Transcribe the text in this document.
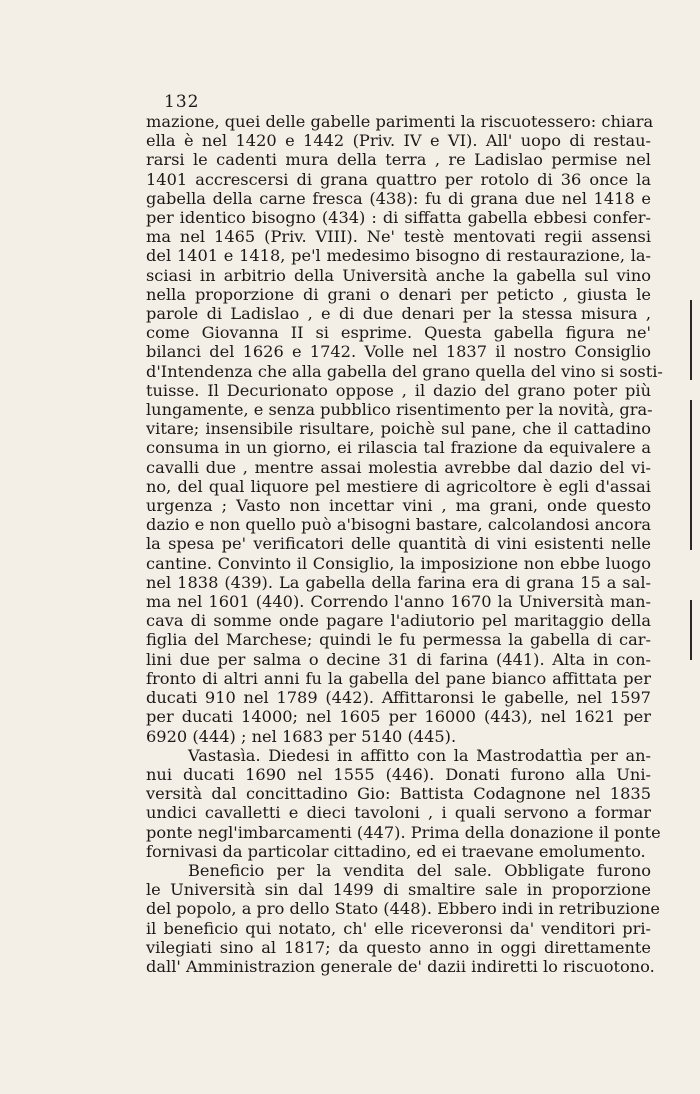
132
mazione, quei delle gabelle parimenti la riscuotessero: chiara
ella è nel 1420 e 1442 (Priv. IV e VI). All' uopo di restau-
rarsi le cadenti mura della terra , re Ladislao permise nel
1401 accrescersi di grana quattro per rotolo di 36 once la
gabella della carne fresca (438): fu di grana due nel 1418 e
per identico bisogno (434) : di siffatta gabella ebbesi confer-
ma nel 1465 (Priv. VIII). Ne' testè mentovati regii assensi
del 1401 e 1418, pe'l medesimo bisogno di restaurazione, la-
sciasi in arbitrio della Università anche la gabella sul vino
nella proporzione di grani o denari per peticto , giusta le
parole di Ladislao , e di due denari per la stessa misura ,
come Giovanna II si esprime. Questa gabella figura ne'
bilanci del 1626 e 1742. Volle nel 1837 il nostro Consiglio
d'Intendenza che alla gabella del grano quella del vino si sosti-
tuisse. Il Decurionato oppose , il dazio del grano poter più
lungamente, e senza pubblico risentimento per la novità, gra-
vitare; insensibile risultare, poichè sul pane, che il cattadino
consuma in un giorno, ei rilascia tal frazione da equivalere a
cavalli due , mentre assai molestia avrebbe dal dazio del vi-
no, del qual liquore pel mestiere di agricoltore è egli d'assai
urgenza ; Vasto non incettar vini , ma grani, onde questo
dazio e non quello può a'bisogni bastare, calcolandosi ancora
la spesa pe' verificatori delle quantità di vini esistenti nelle
cantine. Convinto il Consiglio, la imposizione non ebbe luogo
nel 1838 (439). La gabella della farina era di grana 15 a sal-
ma nel 1601 (440). Correndo l'anno 1670 la Università man-
cava di somme onde pagare l'adiutorio pel maritaggio della
figlia del Marchese; quindi le fu permessa la gabella di car-
lini due per salma o decine 31 di farina (441). Alta in con-
fronto di altri anni fu la gabella del pane bianco affittata per
ducati 910 nel 1789 (442). Affittaronsi le gabelle, nel 1597
per ducati 14000; nel 1605 per 16000 (443), nel 1621 per
6920 (444) ; nel 1683 per 5140 (445).
Vastasìa. Diedesi in affitto con la Mastrodattìa per an-
nui ducati 1690 nel 1555 (446). Donati furono alla Uni-
versità dal concittadino Gio: Battista Codagnone nel 1835
undici cavalletti e dieci tavoloni , i quali servono a formar
ponte negl'imbarcamenti (447). Prima della donazione il ponte
fornivasi da particolar cittadino, ed ei traevane emolumento.
Beneficio per la vendita del sale. Obbligate furono
le Università sin dal 1499 di smaltire sale in proporzione
del popolo, a pro dello Stato (448). Ebbero indi in retribuzione
il beneficio qui notato, ch' elle riceveronsi da' venditori pri-
vilegiati sino al 1817; da questo anno in oggi direttamente
dall' Amministrazion generale de' dazii indiretti lo riscuotono.
